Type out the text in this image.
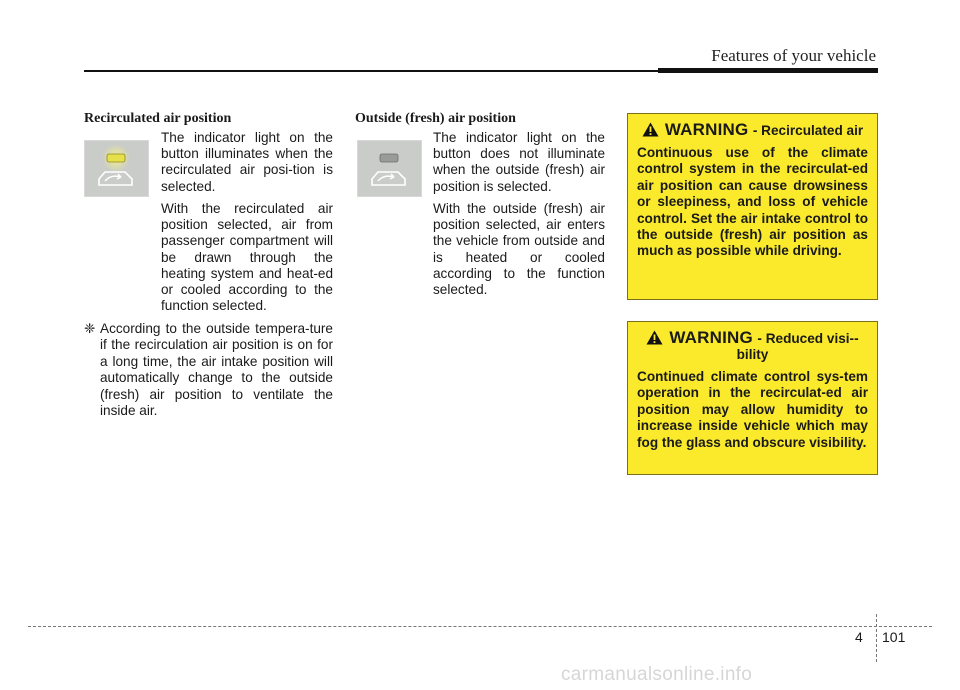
Features of your vehicle
Recirculated air position

The indicator light on the button illuminates when the recirculated air posi-tion is selected.

With the recirculated air position selected, air from passenger compartment will be drawn through the heating system and heat-ed or cooled according to the function selected.

❈ According to the outside tempera-ture if the recirculation air position is on for a long time, the air intake position will automatically change to the outside (fresh) air position to ventilate the inside air.
Outside (fresh) air position

The indicator light on the button does not illuminate when the outside (fresh) air position is selected.

With the outside (fresh) air position selected, air enters the vehicle from outside and is heated or cooled according to the function selected.

WARNING - Recirculated air
Continuous use of the climate control system in the recirculat-ed air position can cause drowsiness or sleepiness, and loss of vehicle control. Set the air intake control to the outside (fresh) air position as much as possible while driving.
WARNING - Reduced visi-bility
Continued climate control sys-tem operation in the recirculat-ed air position may allow humidity to increase inside vehicle which may fog the glass and obscure visibility.
4 101
carmanualsonline.info
